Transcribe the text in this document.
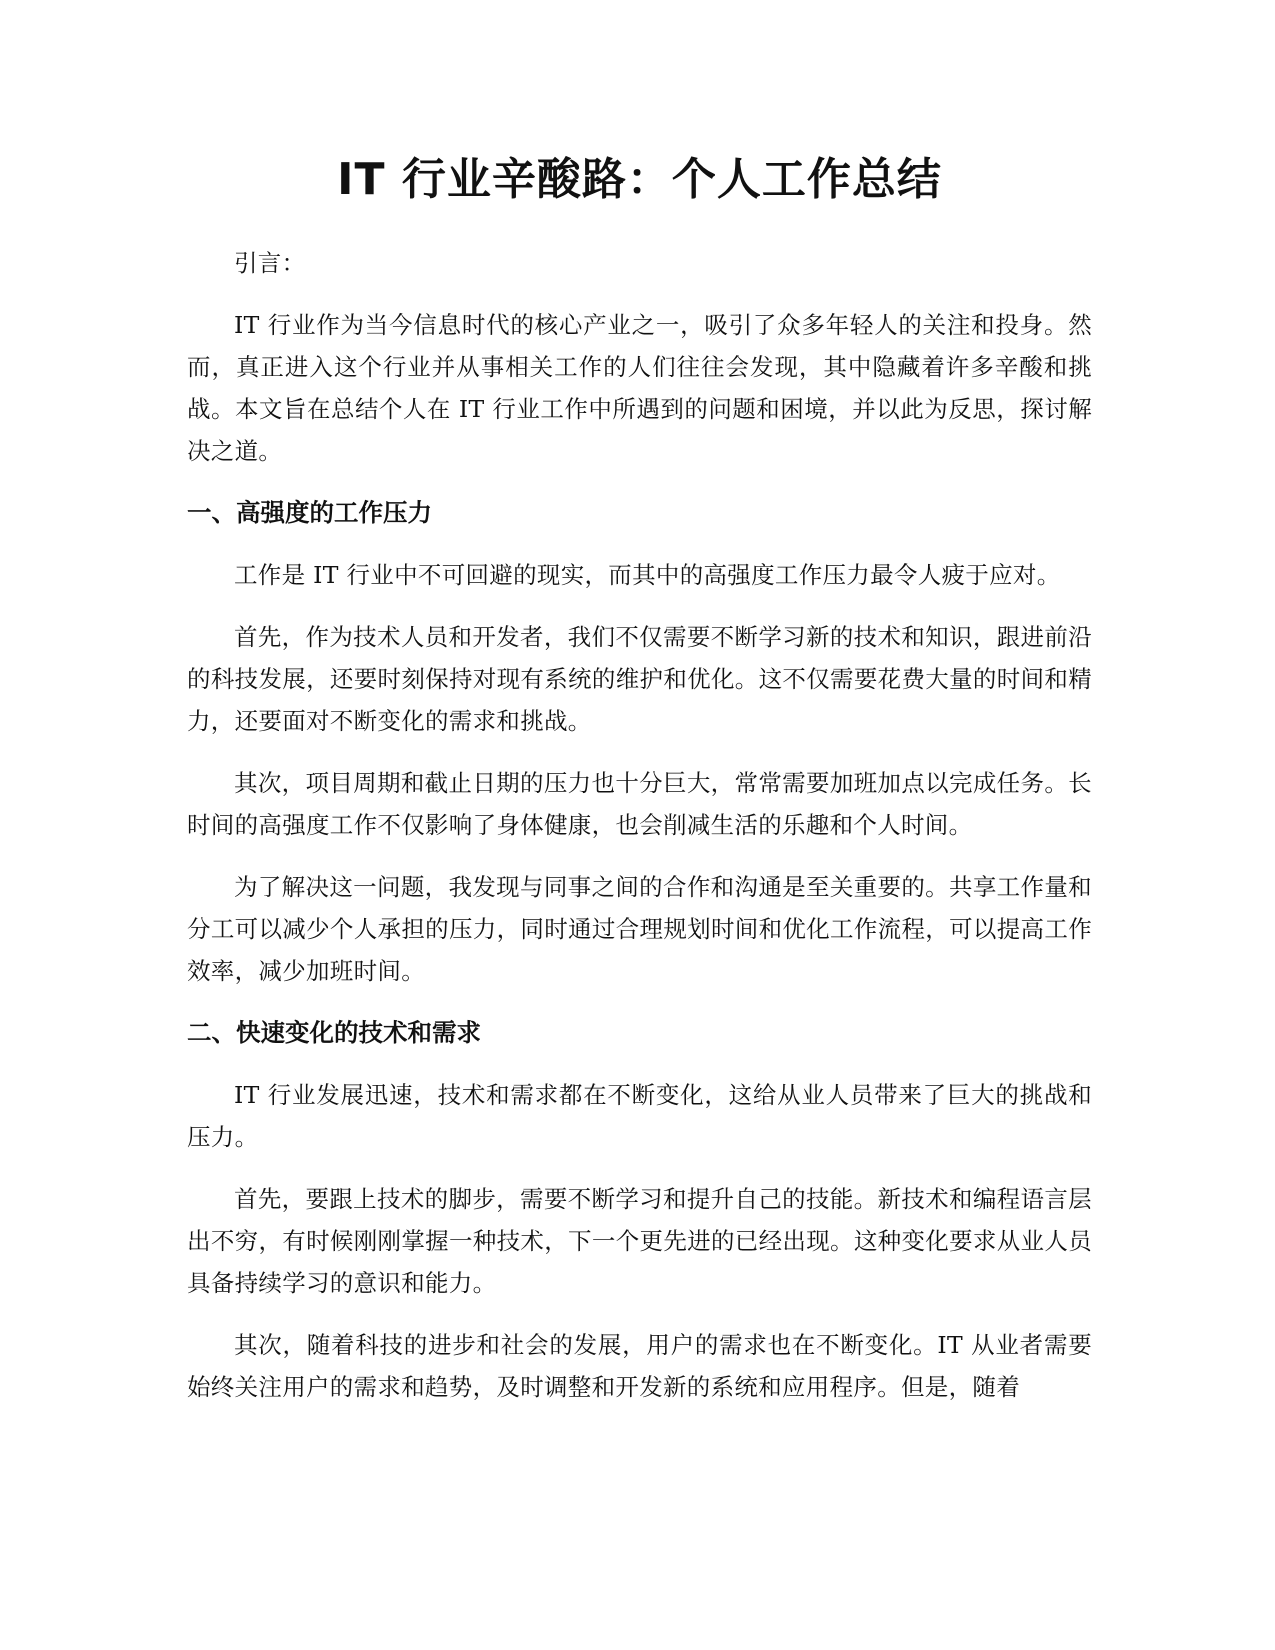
IT 行业辛酸路：个人工作总结

引言：

IT 行业作为当今信息时代的核心产业之一，吸引了众多年轻人的关注和投身。然而，真正进入这个行业并从事相关工作的人们往往会发现，其中隐藏着许多辛酸和挑战。本文旨在总结个人在 IT 行业工作中所遇到的问题和困境，并以此为反思，探讨解决之道。

一、高强度的工作压力

工作是 IT 行业中不可回避的现实，而其中的高强度工作压力最令人疲于应对。

首先，作为技术人员和开发者，我们不仅需要不断学习新的技术和知识，跟进前沿的科技发展，还要时刻保持对现有系统的维护和优化。这不仅需要花费大量的时间和精力，还要面对不断变化的需求和挑战。

其次，项目周期和截止日期的压力也十分巨大，常常需要加班加点以完成任务。长时间的高强度工作不仅影响了身体健康，也会削减生活的乐趣和个人时间。

为了解决这一问题，我发现与同事之间的合作和沟通是至关重要的。共享工作量和分工可以减少个人承担的压力，同时通过合理规划时间和优化工作流程，可以提高工作效率，减少加班时间。

二、快速变化的技术和需求

IT 行业发展迅速，技术和需求都在不断变化，这给从业人员带来了巨大的挑战和压力。

首先，要跟上技术的脚步，需要不断学习和提升自己的技能。新技术和编程语言层出不穷，有时候刚刚掌握一种技术，下一个更先进的已经出现。这种变化要求从业人员具备持续学习的意识和能力。

其次，随着科技的进步和社会的发展，用户的需求也在不断变化。IT 从业者需要始终关注用户的需求和趋势，及时调整和开发新的系统和应用程序。但是，随着
